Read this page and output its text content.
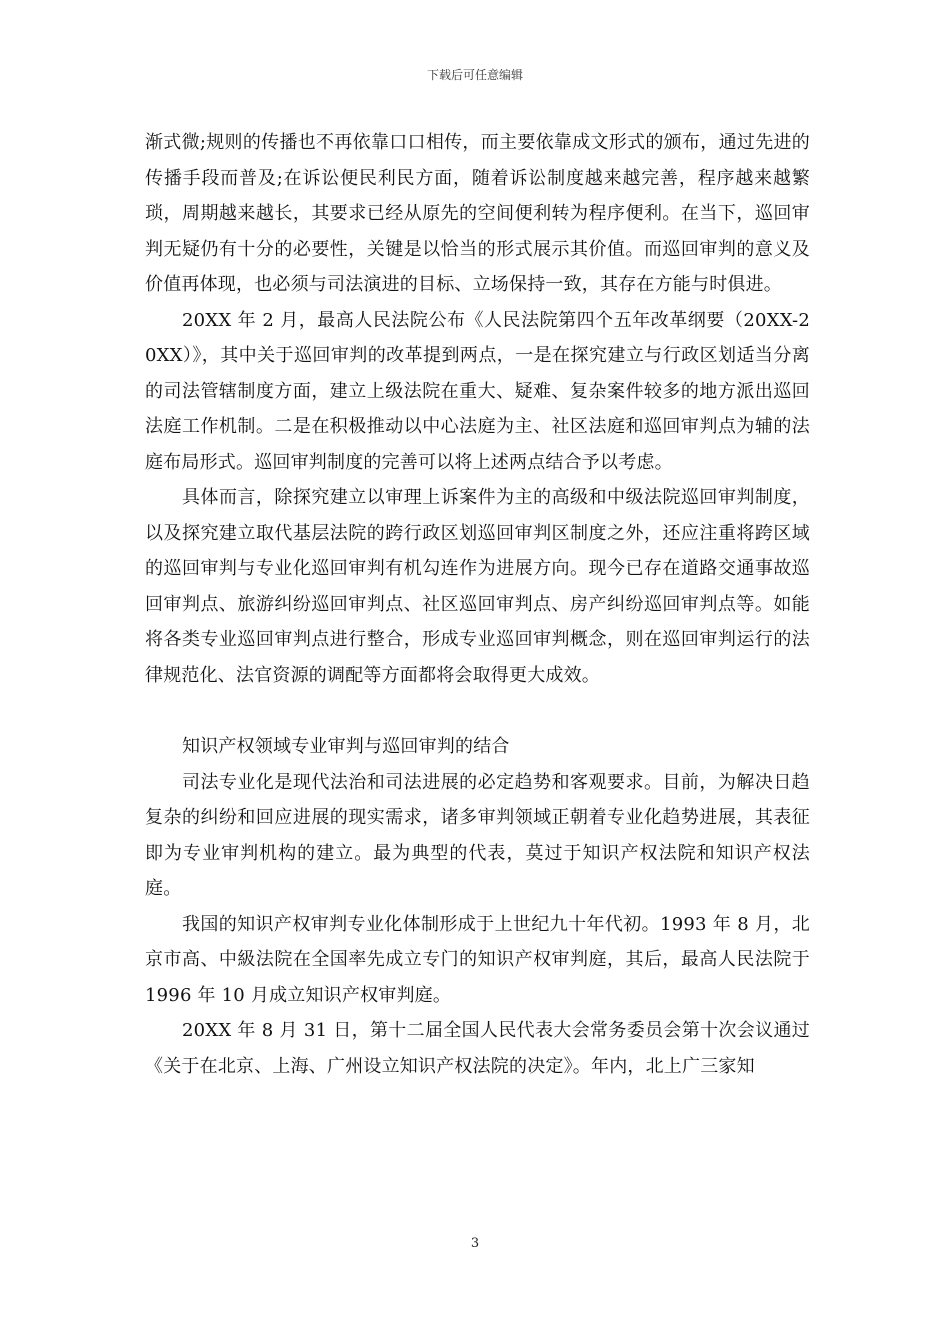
下载后可任意编辑

渐式微;规则的传播也不再依靠口口相传，而主要依靠成文形式的颁布，通过先进的传播手段而普及;在诉讼便民利民方面，随着诉讼制度越来越完善，程序越来越繁琐，周期越来越长，其要求已经从原先的空间便利转为程序便利。在当下，巡回审判无疑仍有十分的必要性，关键是以恰当的形式展示其价值。而巡回审判的意义及价值再体现，也必须与司法演进的目标、立场保持一致，其存在方能与时俱进。

20XX 年 2 月，最高人民法院公布《人民法院第四个五年改革纲要（20XX-20XX）》，其中关于巡回审判的改革提到两点，一是在探究建立与行政区划适当分离的司法管辖制度方面，建立上级法院在重大、疑难、复杂案件较多的地方派出巡回法庭工作机制。二是在积极推动以中心法庭为主、社区法庭和巡回审判点为辅的法庭布局形式。巡回审判制度的完善可以将上述两点结合予以考虑。

具体而言，除探究建立以审理上诉案件为主的高级和中级法院巡回审判制度，以及探究建立取代基层法院的跨行政区划巡回审判区制度之外，还应注重将跨区域的巡回审判与专业化巡回审判有机勾连作为进展方向。现今已存在道路交通事故巡回审判点、旅游纠纷巡回审判点、社区巡回审判点、房产纠纷巡回审判点等。如能将各类专业巡回审判点进行整合，形成专业巡回审判概念，则在巡回审判运行的法律规范化、法官资源的调配等方面都将会取得更大成效。

知识产权领域专业审判与巡回审判的结合

司法专业化是现代法治和司法进展的必定趋势和客观要求。目前，为解决日趋复杂的纠纷和回应进展的现实需求，诸多审判领域正朝着专业化趋势进展，其表征即为专业审判机构的建立。最为典型的代表，莫过于知识产权法院和知识产权法庭。

我国的知识产权审判专业化体制形成于上世纪九十年代初。1993 年 8 月，北京市高、中級法院在全国率先成立专门的知识产权审判庭，其后，最高人民法院于 1996 年 10 月成立知识产权审判庭。

20XX 年 8 月 31 日，第十二届全国人民代表大会常务委员会第十次会议通过《关于在北京、上海、广州设立知识产权法院的决定》。年内，北上广三家知

3
